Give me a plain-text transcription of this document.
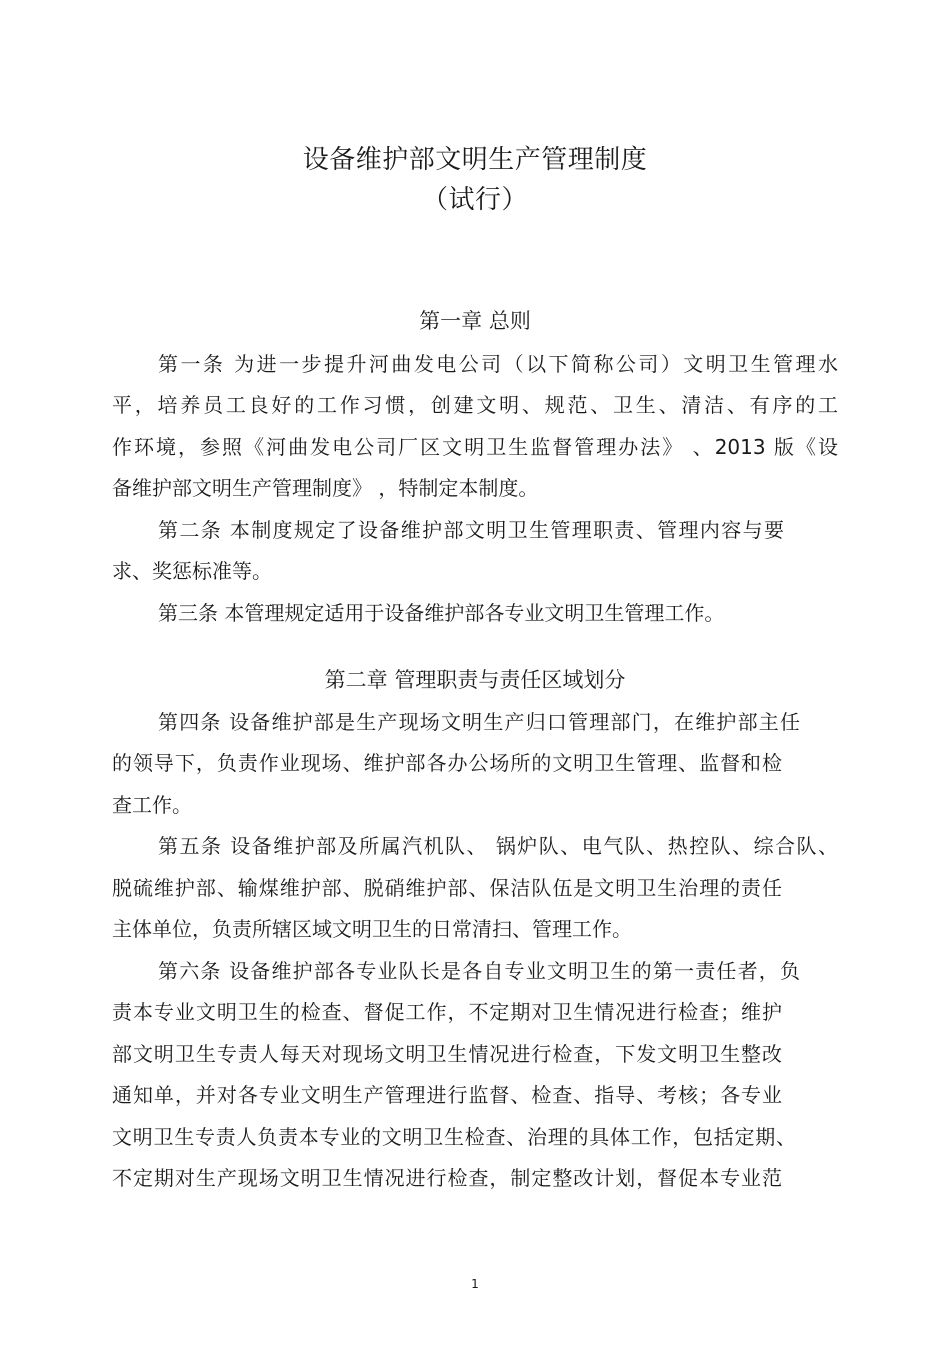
设备维护部文明生产管理制度
（试行）
第一章 总则
第一条 为进一步提升河曲发电公司（以下简称公司）文明卫生管理水
平，培养员工良好的工作习惯，创建文明、规范、卫生、清洁、有序的工
作环境，参照《河曲发电公司厂区文明卫生监督管理办法》 、2013 版《设
备维护部文明生产管理制度》 ，特制定本制度。
第二条 本制度规定了设备维护部文明卫生管理职责、管理内容与要
求、奖惩标准等。
第三条 本管理规定适用于设备维护部各专业文明卫生管理工作。
第二章 管理职责与责任区域划分
第四条 设备维护部是生产现场文明生产归口管理部门，在维护部主任
的领导下，负责作业现场、维护部各办公场所的文明卫生管理、监督和检
查工作。
第五条 设备维护部及所属汽机队、 锅炉队、电气队、热控队、综合队、
脱硫维护部、输煤维护部、脱硝维护部、保洁队伍是文明卫生治理的责任
主体单位，负责所辖区域文明卫生的日常清扫、管理工作。
第六条 设备维护部各专业队长是各自专业文明卫生的第一责任者，负
责本专业文明卫生的检查、督促工作，不定期对卫生情况进行检查；维护
部文明卫生专责人每天对现场文明卫生情况进行检查，下发文明卫生整改
通知单，并对各专业文明生产管理进行监督、检查、指导、考核；各专业
文明卫生专责人负责本专业的文明卫生检查、治理的具体工作，包括定期、
不定期对生产现场文明卫生情况进行检查，制定整改计划，督促本专业范
1
